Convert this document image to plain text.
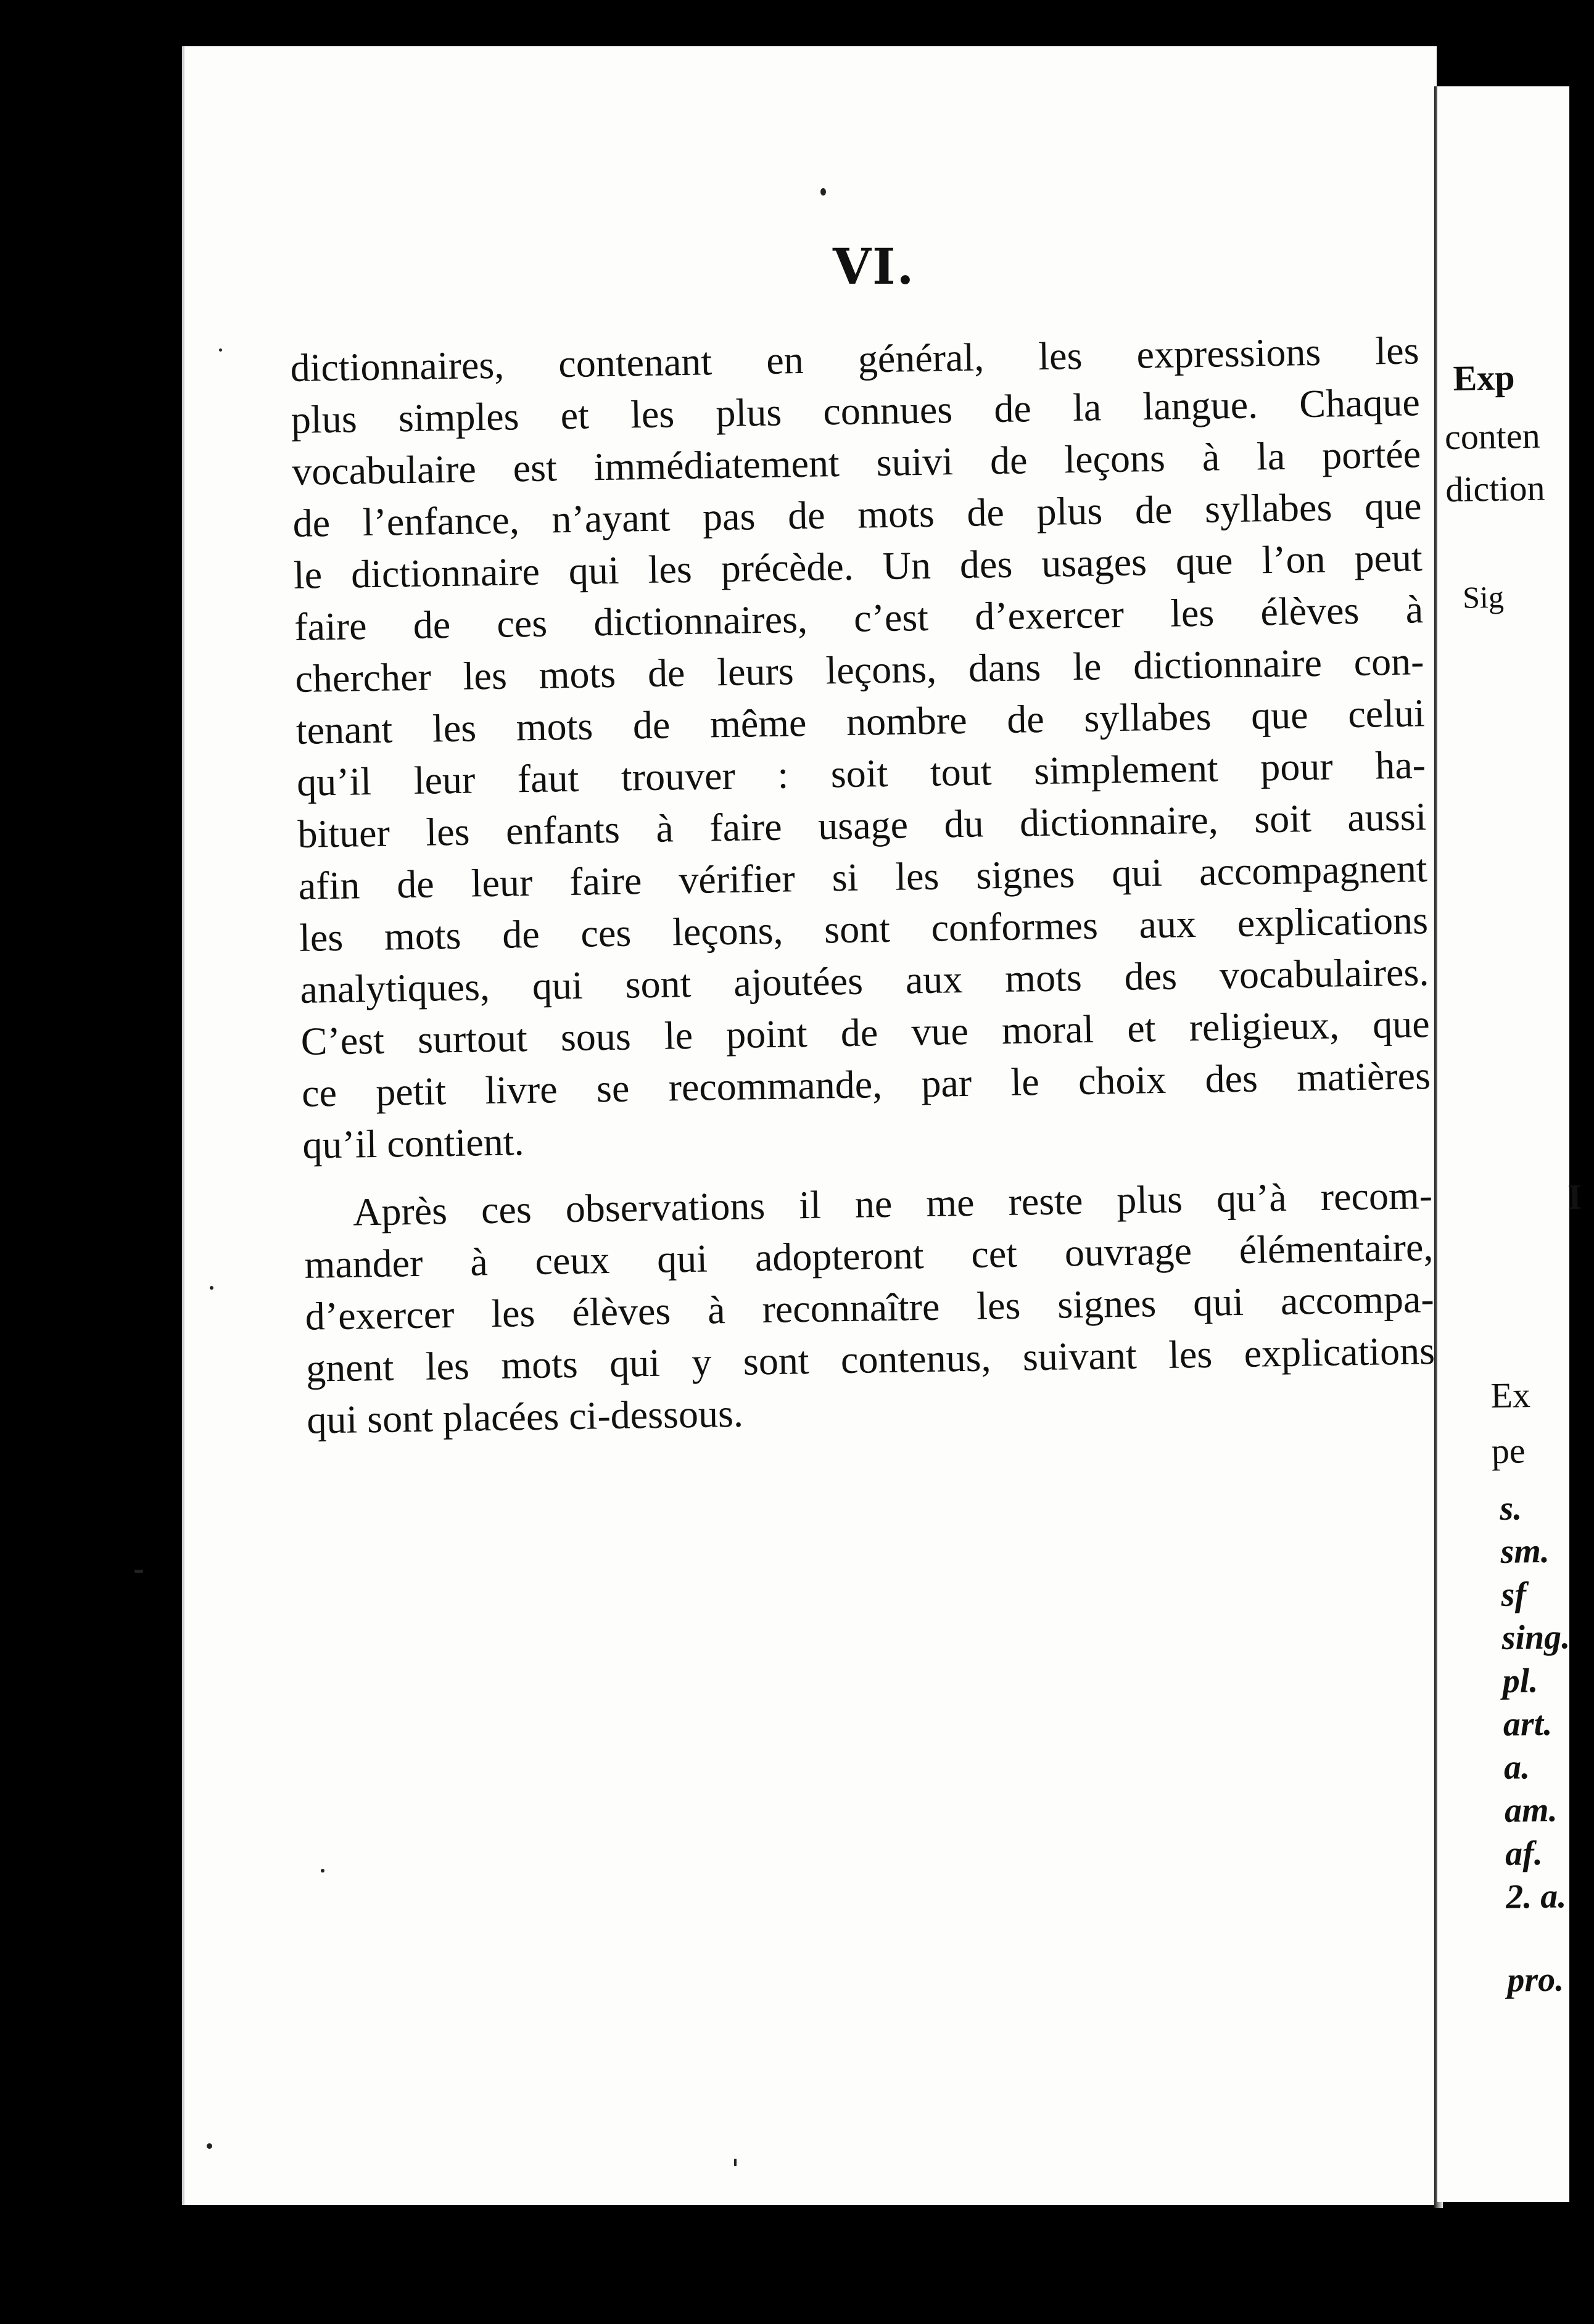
VI.
dictionnaires, contenant en général, les expressions les
plus simples et les plus connues de la langue. Chaque
vocabulaire est immédiatement suivi de leçons à la portée
de l’enfance, n’ayant pas de mots de plus de syllabes que
le dictionnaire qui les précède. Un des usages que l’on peut
faire de ces dictionnaires, c’est d’exercer les élèves à
chercher les mots de leurs leçons, dans le dictionnaire con-
tenant les mots de même nombre de syllabes que celui
qu’il leur faut trouver : soit tout simplement pour ha-
bituer les enfants à faire usage du dictionnaire, soit aussi
afin de leur faire vérifier si les signes qui accompagnent
les mots de ces leçons, sont conformes aux explications
analytiques, qui sont ajoutées aux mots des vocabulaires.
C’est surtout sous le point de vue moral et religieux, que
ce petit livre se recommande, par le choix des matières
qu’il contient.
Après ces observations il ne me reste plus qu’à recom-
mander à ceux qui adopteront cet ouvrage élémentaire,
d’exercer les élèves à reconnaître les signes qui accompa-
gnent les mots qui y sont contenus, suivant les explications
qui sont placées ci-dessous.
Exp
conten
diction
Sig
I
Ex
pe
s.
sm.
sf
sing.
pl.
art.
a.
am.
af.
2. a.
pro.
